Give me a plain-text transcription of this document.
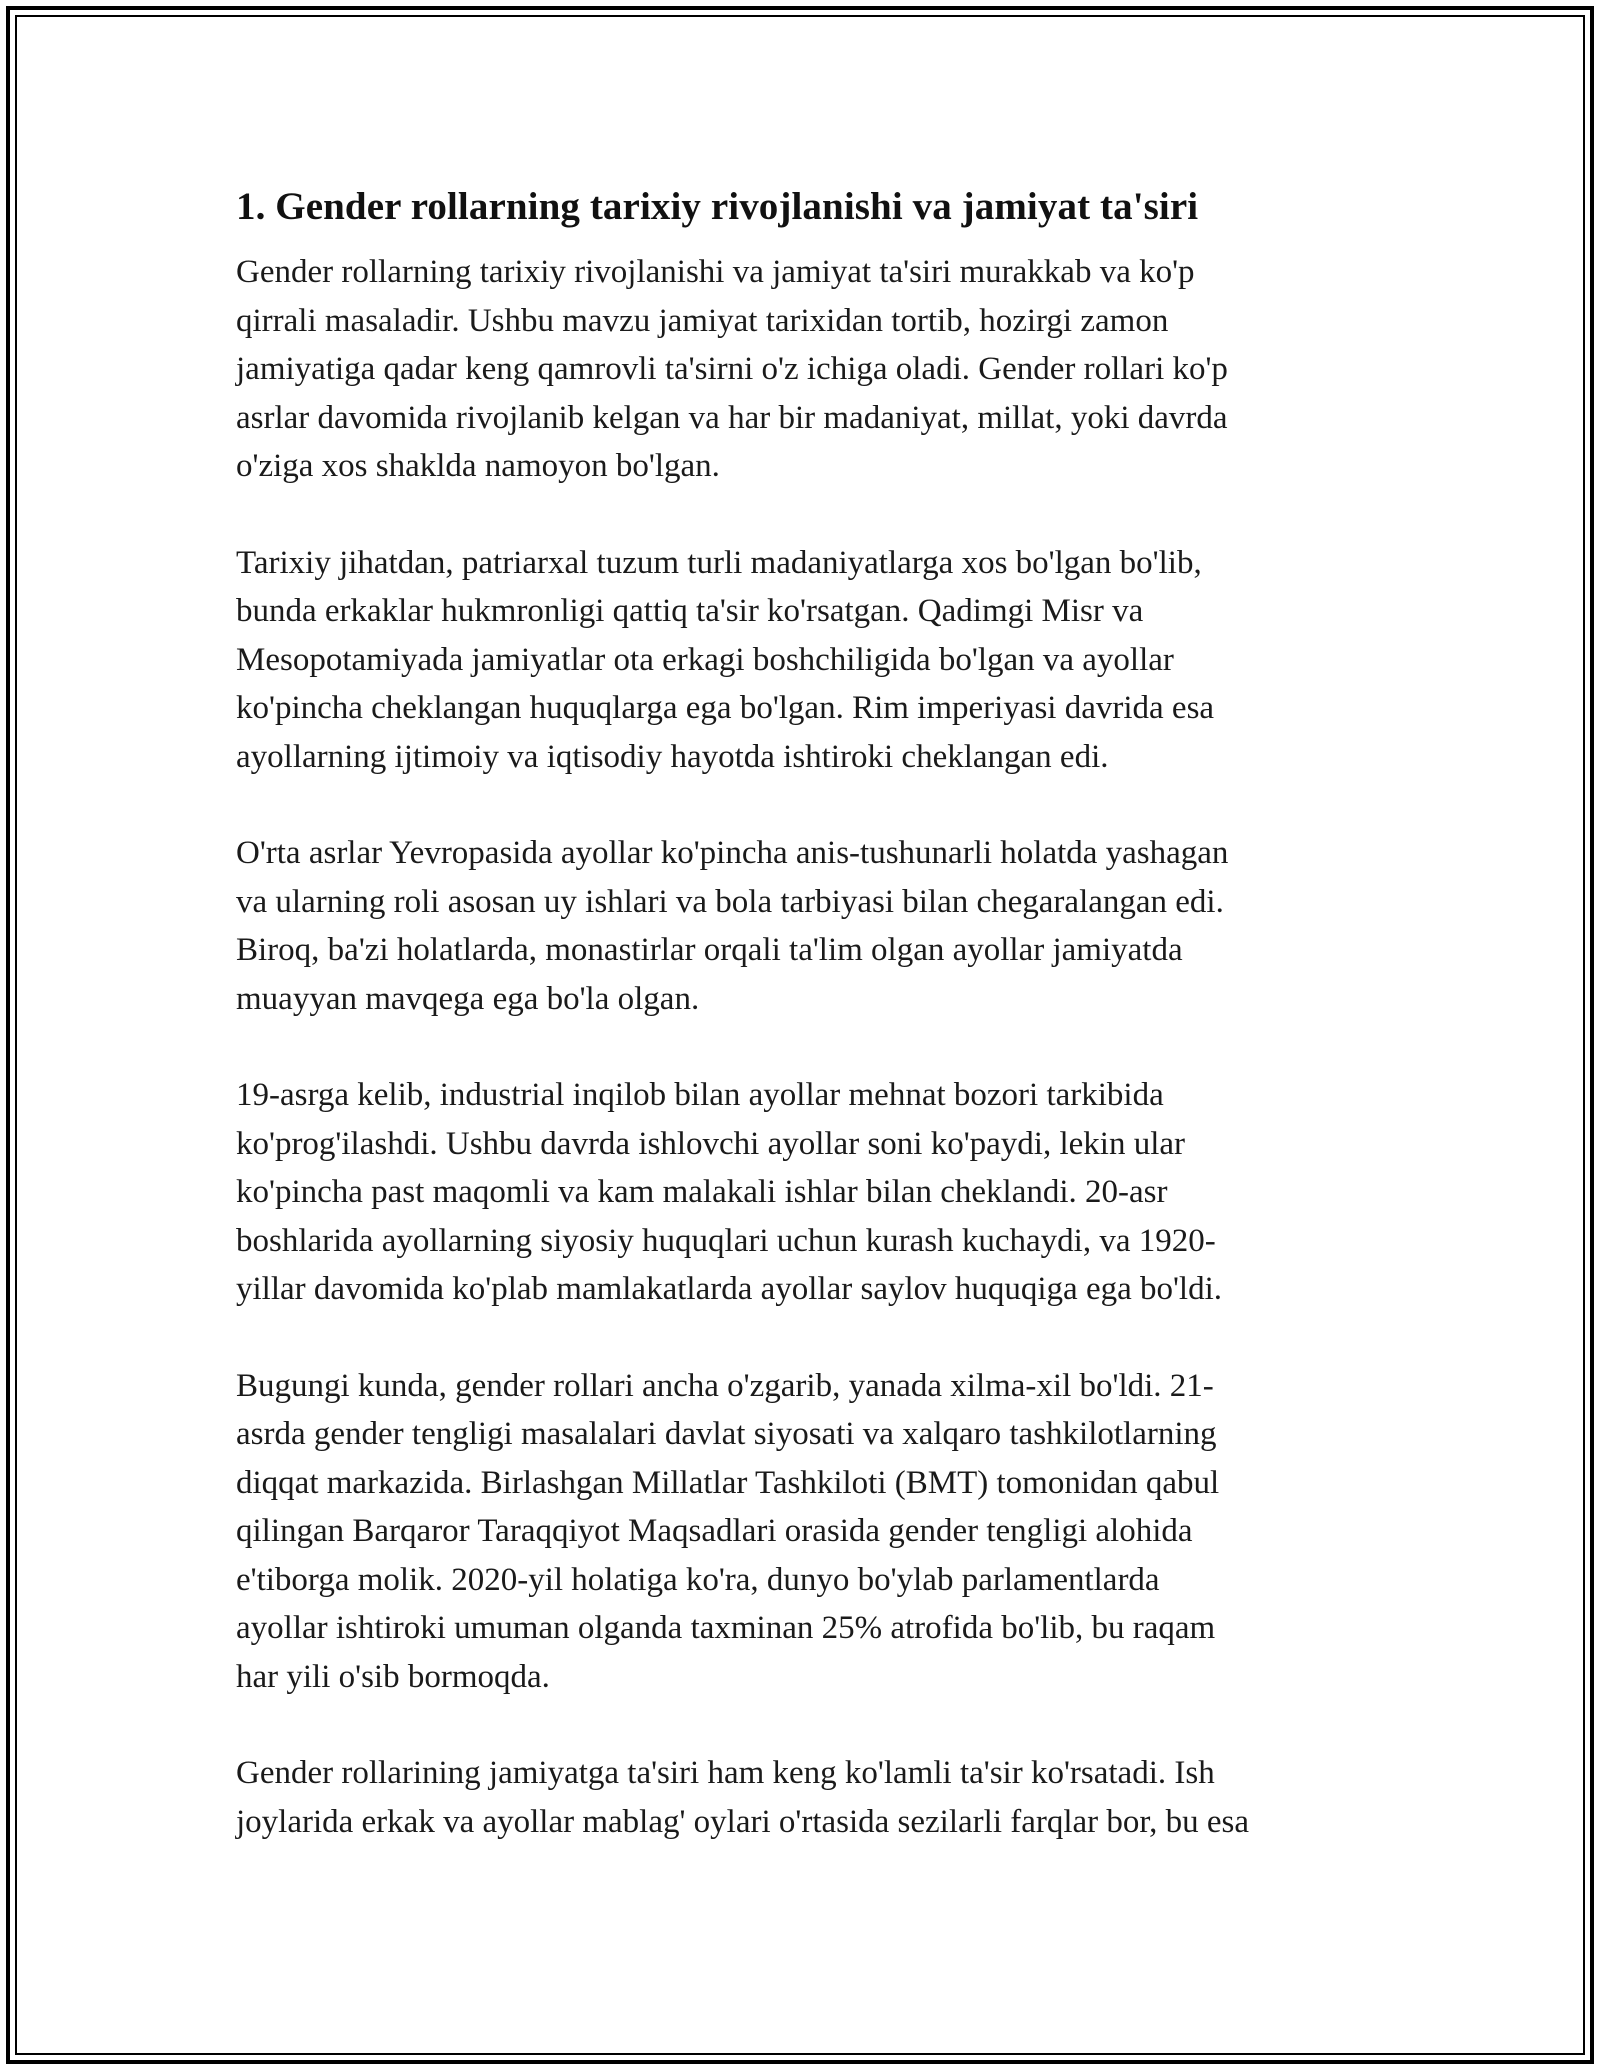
1. Gender rollarning tarixiy rivojlanishi va jamiyat ta'siri

Gender rollarning tarixiy rivojlanishi va jamiyat ta'siri murakkab va ko'p
qirrali masaladir. Ushbu mavzu jamiyat tarixidan tortib, hozirgi zamon
jamiyatiga qadar keng qamrovli ta'sirni o'z ichiga oladi. Gender rollari ko'p
asrlar davomida rivojlanib kelgan va har bir madaniyat, millat, yoki davrda
o'ziga xos shaklda namoyon bo'lgan.

Tarixiy jihatdan, patriarxal tuzum turli madaniyatlarga xos bo'lgan bo'lib,
bunda erkaklar hukmronligi qattiq ta'sir ko'rsatgan. Qadimgi Misr va
Mesopotamiyada jamiyatlar ota erkagi boshchiligida bo'lgan va ayollar
ko'pincha cheklangan huquqlarga ega bo'lgan. Rim imperiyasi davrida esa
ayollarning ijtimoiy va iqtisodiy hayotda ishtiroki cheklangan edi.

O'rta asrlar Yevropasida ayollar ko'pincha anis-tushunarli holatda yashagan
va ularning roli asosan uy ishlari va bola tarbiyasi bilan chegaralangan edi.
Biroq, ba'zi holatlarda, monastirlar orqali ta'lim olgan ayollar jamiyatda
muayyan mavqega ega bo'la olgan.

19-asrga kelib, industrial inqilob bilan ayollar mehnat bozori tarkibida
ko'prog'ilashdi. Ushbu davrda ishlovchi ayollar soni ko'paydi, lekin ular
ko'pincha past maqomli va kam malakali ishlar bilan cheklandi. 20-asr
boshlarida ayollarning siyosiy huquqlari uchun kurash kuchaydi, va 1920-
yillar davomida ko'plab mamlakatlarda ayollar saylov huquqiga ega bo'ldi.

Bugungi kunda, gender rollari ancha o'zgarib, yanada xilma-xil bo'ldi. 21-
asrda gender tengligi masalalari davlat siyosati va xalqaro tashkilotlarning
diqqat markazida. Birlashgan Millatlar Tashkiloti (BMT) tomonidan qabul
qilingan Barqaror Taraqqiyot Maqsadlari orasida gender tengligi alohida
e'tiborga molik. 2020-yil holatiga ko'ra, dunyo bo'ylab parlamentlarda
ayollar ishtiroki umuman olganda taxminan 25% atrofida bo'lib, bu raqam
har yili o'sib bormoqda.

Gender rollarining jamiyatga ta'siri ham keng ko'lamli ta'sir ko'rsatadi. Ish
joylarida erkak va ayollar mablag' oylari o'rtasida sezilarli farqlar bor, bu esa
